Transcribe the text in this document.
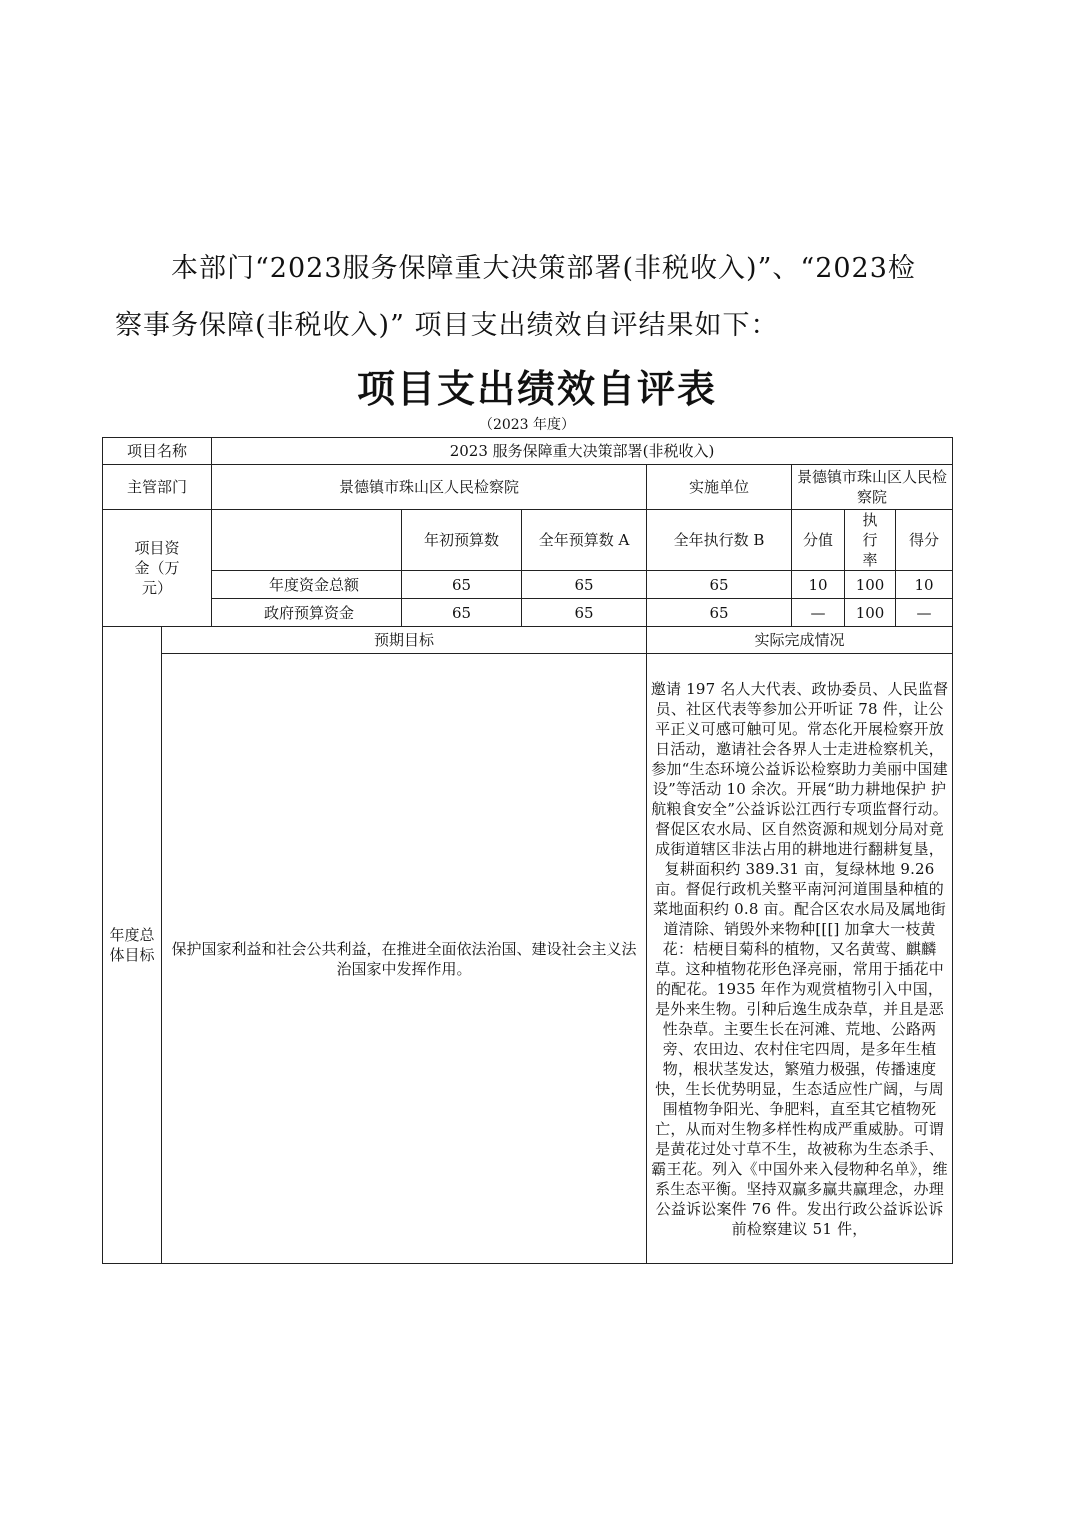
本部门“2023服务保障重大决策部署(非税收入)”、“2023检察事务保障(非税收入)” 项目支出绩效自评结果如下：

项目支出绩效自评表
（2023 年度）
项目名称		2023 服务保障重大决策部署(非税收入)						
主管部门		景德镇市珠山区人民检察院			实施单位	景德镇市珠山区人民检察院		
项目资金（万元）			年初预算数	全年预算数 A	全年执行数 B	分值	执行率	得分
		年度资金总额	65	65	65	10	100	10
		政府预算资金	65	65	65	—	100	—
年度总体目标	预期目标				实际完成情况			
	保护国家利益和社会公共利益，在推进全面依法治国、建设社会主义法治国家中发挥作用。				邀请 197 名人大代表、政协委员、人民监督员、社区代表等参加公开听证 78 件，让公平正义可感可触可见。常态化开展检察开放日活动，邀请社会各界人士走进检察机关，参加“生态环境公益诉讼检察助力美丽中国建设”等活动 10 余次。开展“助力耕地保护 护航粮食安全”公益诉讼江西行专项监督行动。督促区农水局、区自然资源和规划分局对竟成街道辖区非法占用的耕地进行翻耕复垦，复耕面积约 389.31 亩，复绿林地 9.26 亩。督促行政机关整平南河河道围垦种植的菜地面积约 0.8 亩。配合区农水局及属地街道清除、销毁外来物种[[[] 加拿大一枝黄花：桔梗目菊科的植物，又名黄莺、麒麟草。这种植物花形色泽亮丽，常用于插花中的配花。1935 年作为观赏植物引入中国，是外来生物。引种后逸生成杂草，并且是恶性杂草。主要生长在河滩、荒地、公路两旁、农田边、农村住宅四周，是多年生植物，根状茎发达，繁殖力极强，传播速度快，生长优势明显，生态适应性广阔，与周围植物争阳光、争肥料，直至其它植物死亡，从而对生物多样性构成严重威胁。可谓是黄花过处寸草不生，故被称为生态杀手、霸王花。列入《中国外来入侵物种名单》，维系生态平衡。坚持双赢多赢共赢理念，办理公益诉讼案件 76 件。发出行政公益诉讼诉前检察建议 51 件，			
